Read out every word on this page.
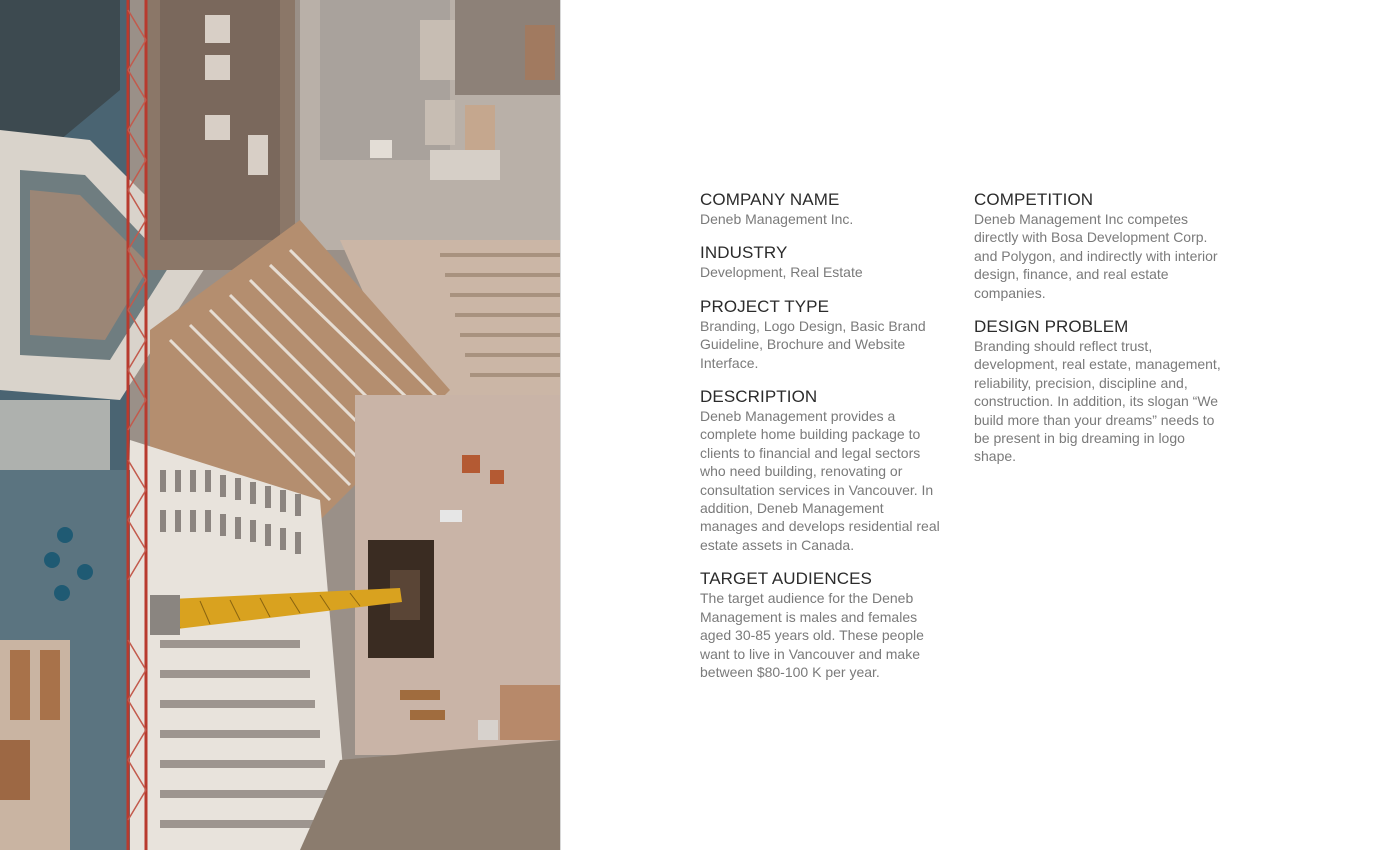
COMPANY NAME

Deneb Management Inc.

INDUSTRY

Development, Real Estate

PROJECT TYPE

Branding, Logo Design, Basic Brand Guideline, Brochure and Website Interface.

DESCRIPTION

Deneb Management provides a complete home building package to clients to financial and legal sectors who need building, renovating or consultation services in Vancouver. In addition, Deneb Management manages and develops residential real estate assets in Canada.

TARGET AUDIENCES

The target audience for the Deneb Management is males and females aged 30-85 years old. These people want to live in Vancouver and make between $80-100 K per year.

COMPETITION

Deneb Management Inc competes directly with Bosa Development Corp. and Polygon, and indirectly with interior design, finance, and real estate companies.

DESIGN PROBLEM

Branding should reflect trust, development, real estate, management, reliability, precision, discipline and, construction. In addition, its slogan “We build more than your dreams” needs to be present in big dreaming in logo shape.
